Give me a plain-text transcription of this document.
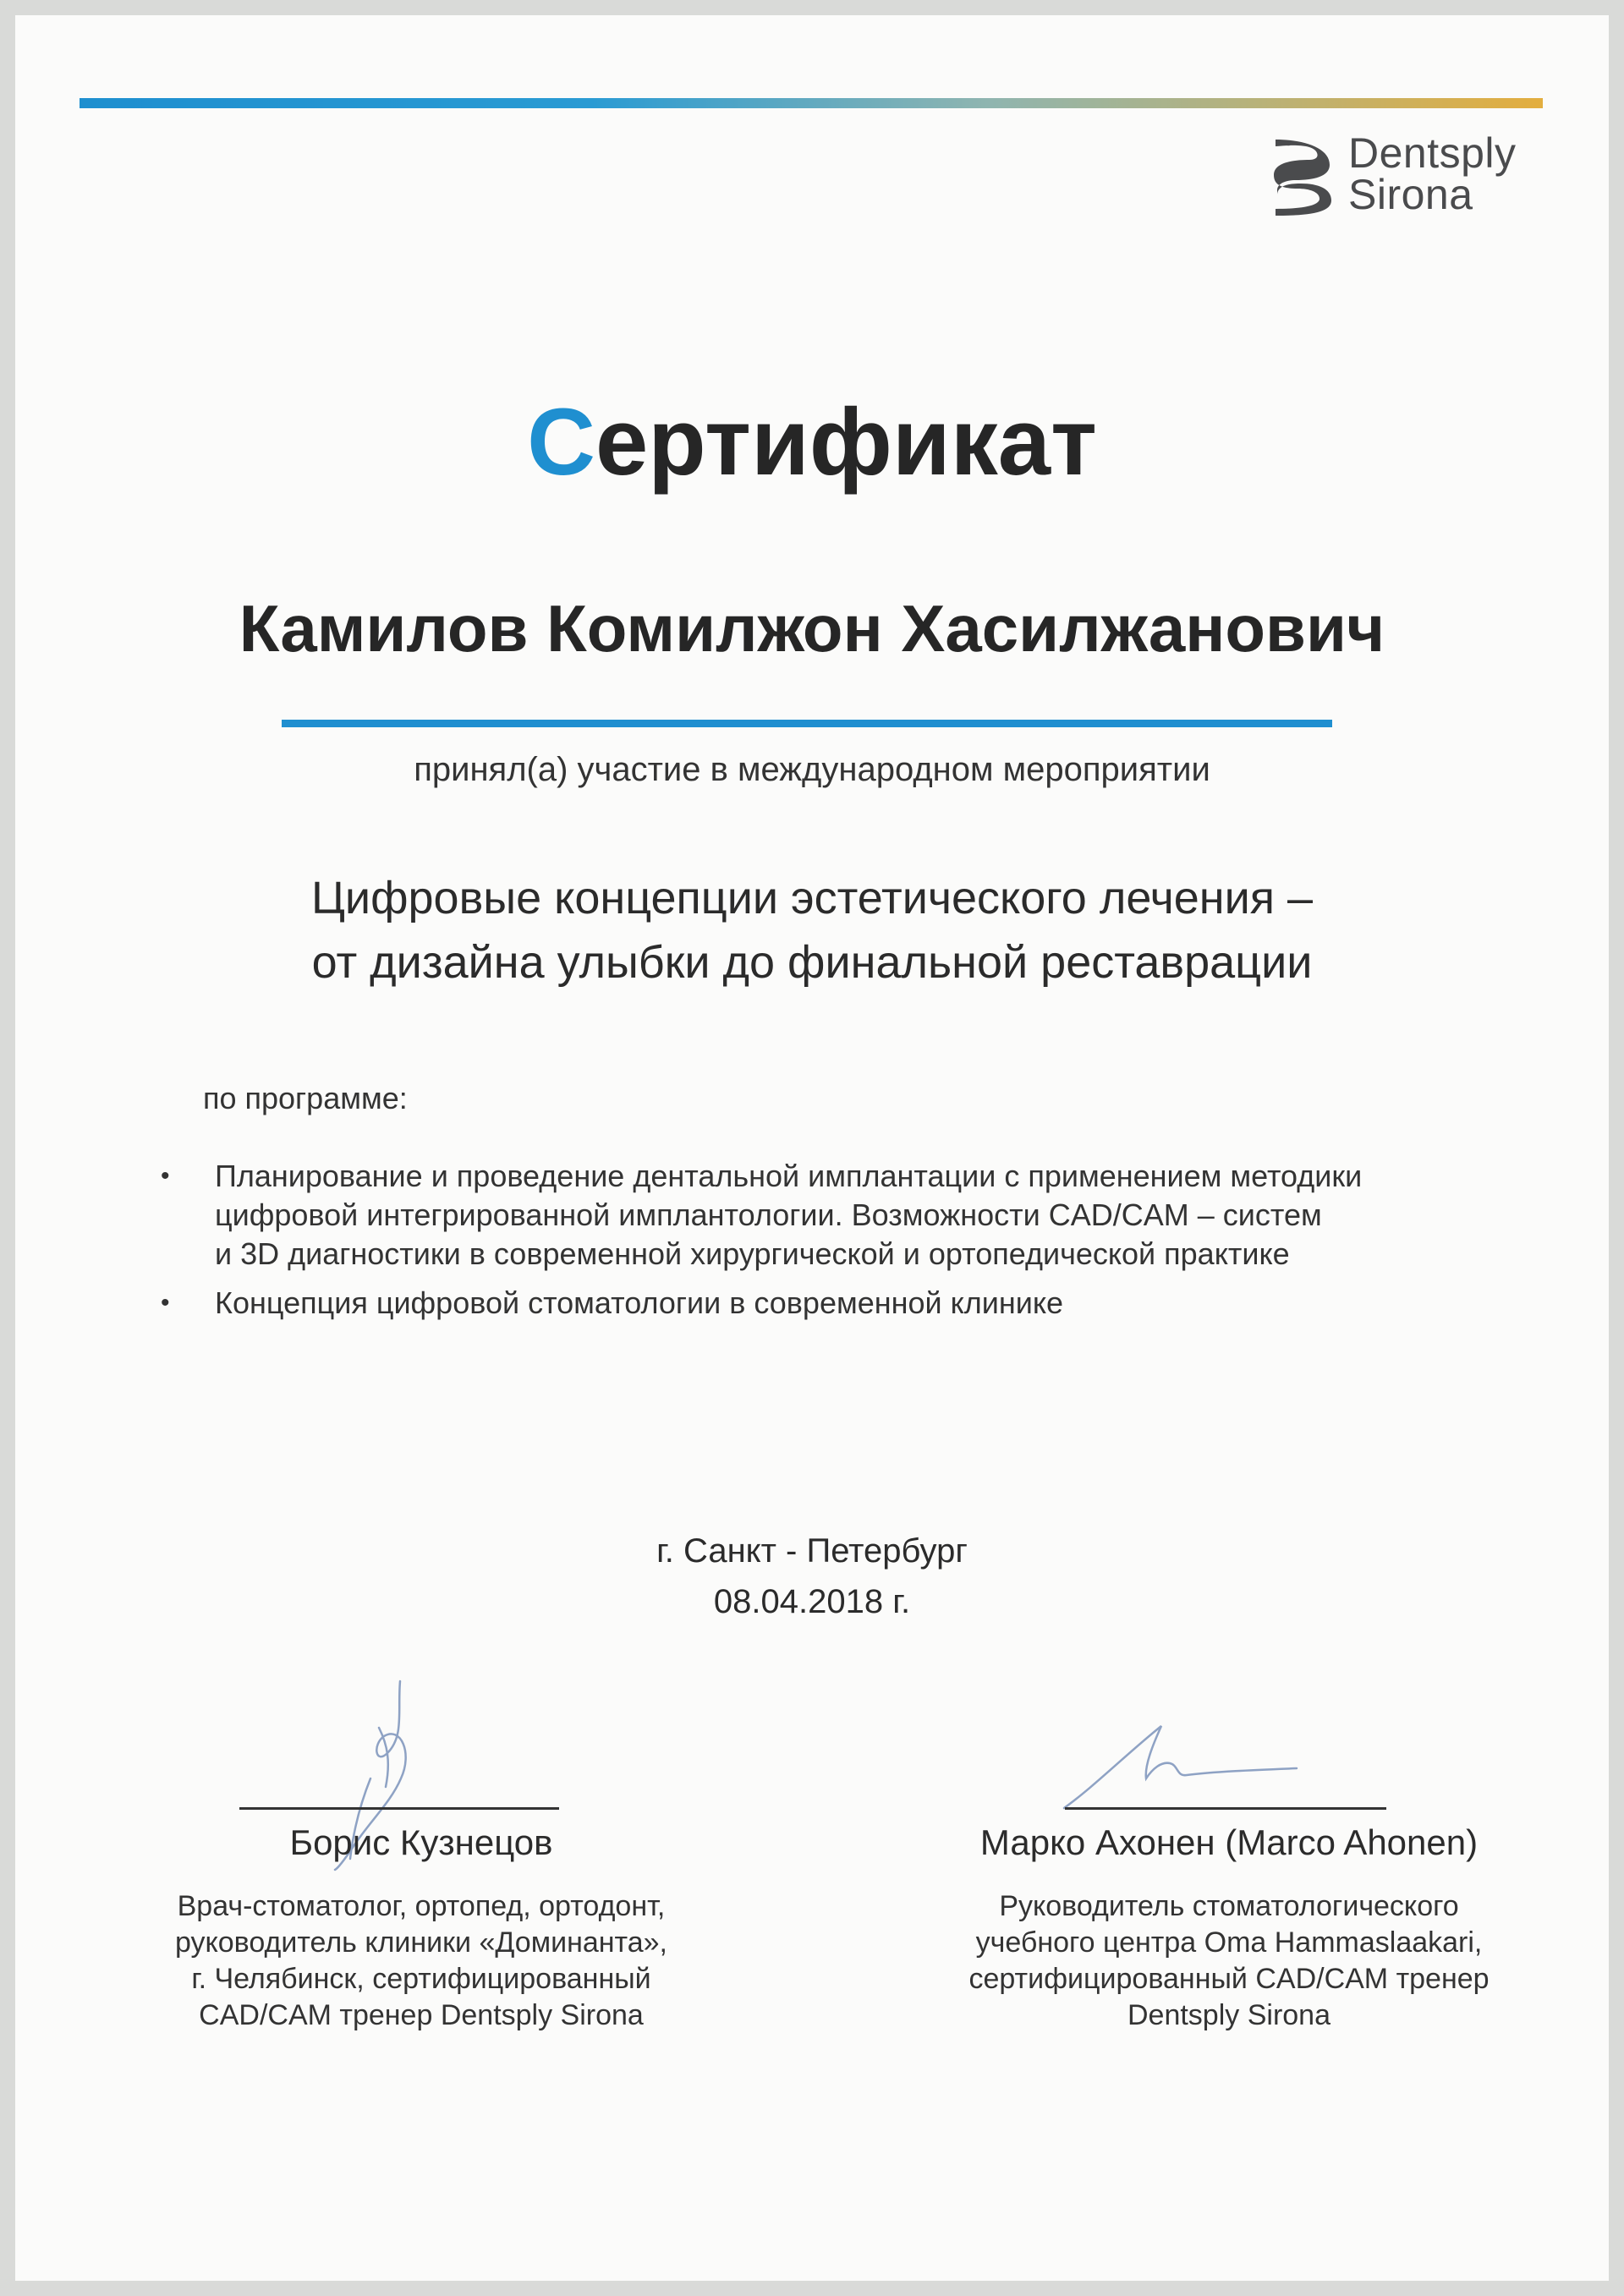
Dentsply
Sirona
Сертификат
Камилов Комилжон Хасилжанович
принял(а) участие в международном мероприятии
Цифровые концепции эстетического лечения –
от дизайна улыбки до финальной реставрации
по программе:
• Планирование и проведение дентальной имплантации с применением методики
цифровой интегрированной имплантологии. Возможности CAD/CAM – систем
и 3D диагностики в современной хирургической и ортопедической практике
• Концепция цифровой стоматологии в современной клинике
г. Санкт - Петербург
08.04.2018 г.
Борис Кузнецов
Врач-стоматолог, ортопед, ортодонт,
руководитель клиники «Доминанта»,
г. Челябинск, сертифицированный
CAD/CAM тренер Dentsply Sirona
Марко Ахонен (Marco Ahonen)
Руководитель стоматологического
учебного центра Oma Hammaslaakari,
сертифицированный CAD/CAM тренер
Dentsply Sirona
